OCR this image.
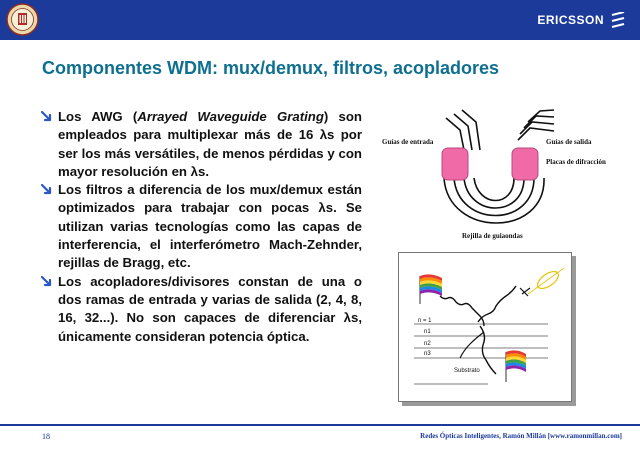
ERICSSON
Componentes WDM: mux/demux, filtros, acopladores
Los AWG (Arrayed Waveguide Grating) son empleados para multiplexar más de 16 λs por ser los más versátiles, de menos pérdidas y con mayor resolución en λs.
Los filtros a diferencia de los mux/demux están optimizados para trabajar con pocas λs. Se utilizan varias tecnologías como las capas de interferencia, el interferómetro Mach-Zehnder, rejillas de Bragg, etc.
Los acopladores/divisores constan de una o dos ramas de entrada y varias de salida (2, 4, 8, 16, 32...). No son capaces de diferenciar λs, únicamente consideran potencia óptica.
Guías de entrada	Guías de salida
Placas de difracción
Rejilla de guiaondas
n = 1
n1
n2
n3
Substrato
18	Redes Ópticas Inteligentes, Ramón Millán [www.ramonmillan.com]
